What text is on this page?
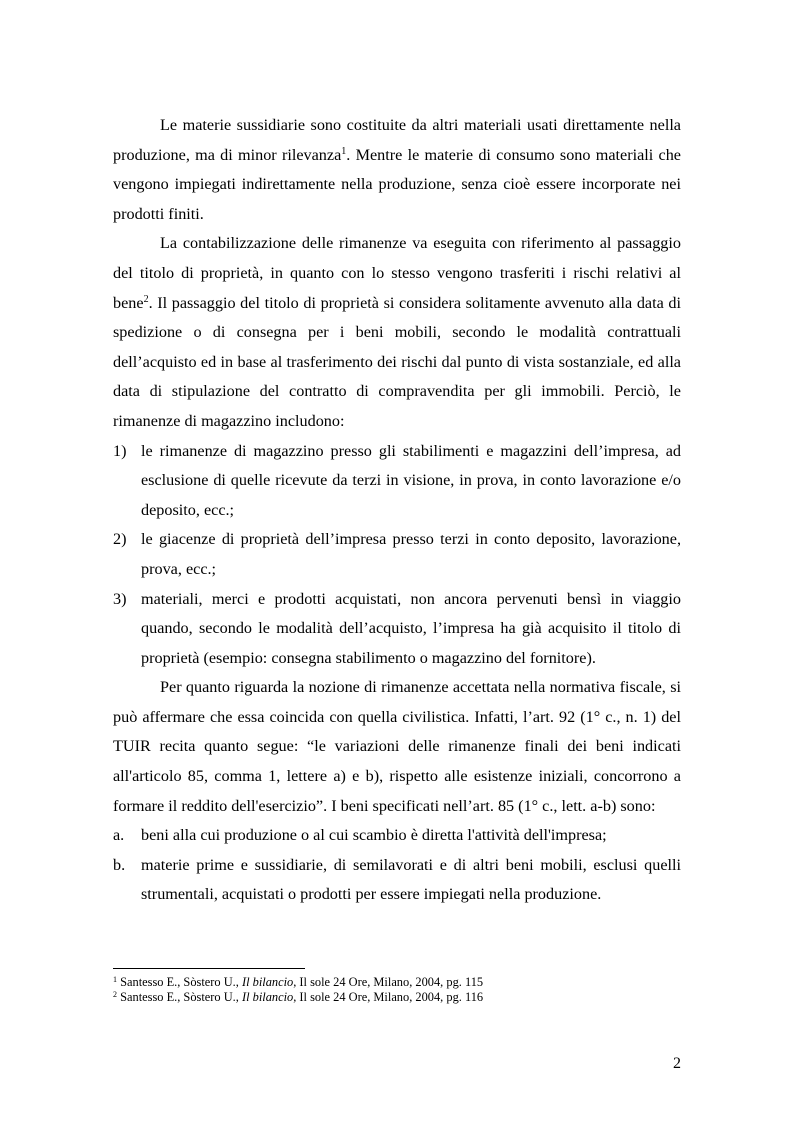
Le materie sussidiarie sono costituite da altri materiali usati direttamente nella produzione, ma di minor rilevanza$^1$. Mentre le materie di consumo sono materiali che vengono impiegati indirettamente nella produzione, senza cioè essere incorporate nei prodotti finiti.

La contabilizzazione delle rimanenze va eseguita con riferimento al passaggio del titolo di proprietà, in quanto con lo stesso vengono trasferiti i rischi relativi al bene$^2$. Il passaggio del titolo di proprietà si considera solitamente avvenuto alla data di spedizione o di consegna per i beni mobili, secondo le modalità contrattuali dell’acquisto ed in base al trasferimento dei rischi dal punto di vista sostanziale, ed alla data di stipulazione del contratto di compravendita per gli immobili. Perciò, le rimanenze di magazzino includono:

1) le rimanenze di magazzino presso gli stabilimenti e magazzini dell’impresa, ad esclusione di quelle ricevute da terzi in visione, in prova, in conto lavorazione e/o deposito, ecc.;
2) le giacenze di proprietà dell’impresa presso terzi in conto deposito, lavorazione, prova, ecc.;
3) materiali, merci e prodotti acquistati, non ancora pervenuti bensì in viaggio quando, secondo le modalità dell’acquisto, l’impresa ha già acquisito il titolo di proprietà (esempio: consegna stabilimento o magazzino del fornitore).

Per quanto riguarda la nozione di rimanenze accettata nella normativa fiscale, si può affermare che essa coincida con quella civilistica. Infatti, l’art. 92 (1° c., n. 1) del TUIR recita quanto segue: “le variazioni delle rimanenze finali dei beni indicati all'articolo 85, comma 1, lettere a) e b), rispetto alle esistenze iniziali, concorrono a formare il reddito dell'esercizio”. I beni specificati nell’art. 85 (1° c., lett. a-b) sono:

a.	beni alla cui produzione o al cui scambio è diretta l'attività dell'impresa;
b. materie prime e sussidiarie, di semilavorati e di altri beni mobili, esclusi quelli strumentali, acquistati o prodotti per essere impiegati nella produzione.
$^1$ Santesso E., Sòstero U., Il bilancio, Il sole 24 Ore, Milano, 2004, pg. 115
$^2$ Santesso E., Sòstero U., Il bilancio, Il sole 24 Ore, Milano, 2004, pg. 116
2
